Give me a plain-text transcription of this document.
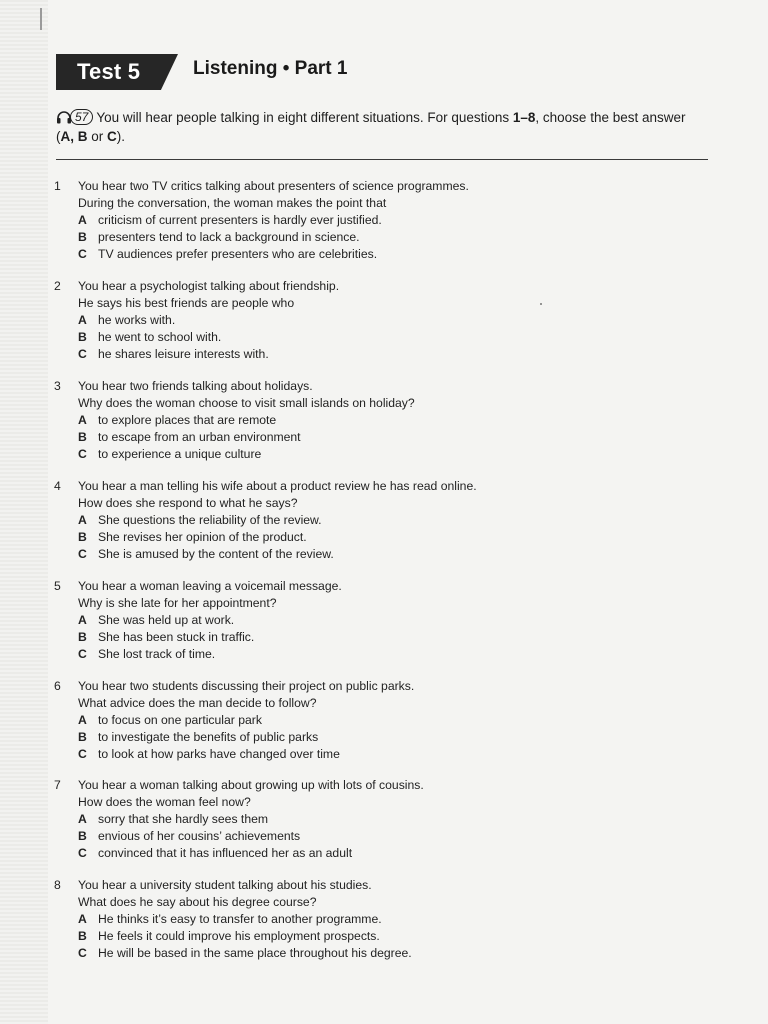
Test 5	Listening • Part 1
57 You will hear people talking in eight different situations. For questions 1–8, choose the best answer (A, B or C).
1	You hear two TV critics talking about presenters of science programmes.
During the conversation, the woman makes the point that
A criticism of current presenters is hardly ever justified.
B presenters tend to lack a background in science.
C TV audiences prefer presenters who are celebrities.
2	You hear a psychologist talking about friendship.
He says his best friends are people who
A he works with.
B he went to school with.
C he shares leisure interests with.
3	You hear two friends talking about holidays.
Why does the woman choose to visit small islands on holiday?
A to explore places that are remote
B to escape from an urban environment
C to experience a unique culture
4	You hear a man telling his wife about a product review he has read online.
How does she respond to what he says?
A She questions the reliability of the review.
B She revises her opinion of the product.
C She is amused by the content of the review.
5	You hear a woman leaving a voicemail message.
Why is she late for her appointment?
A She was held up at work.
B She has been stuck in traffic.
C She lost track of time.
6	You hear two students discussing their project on public parks.
What advice does the man decide to follow?
A to focus on one particular park
B to investigate the benefits of public parks
C to look at how parks have changed over time
7	You hear a woman talking about growing up with lots of cousins.
How does the woman feel now?
A sorry that she hardly sees them
B envious of her cousins’ achievements
C convinced that it has influenced her as an adult
8	You hear a university student talking about his studies.
What does he say about his degree course?
A He thinks it’s easy to transfer to another programme.
B He feels it could improve his employment prospects.
C He will be based in the same place throughout his degree.
